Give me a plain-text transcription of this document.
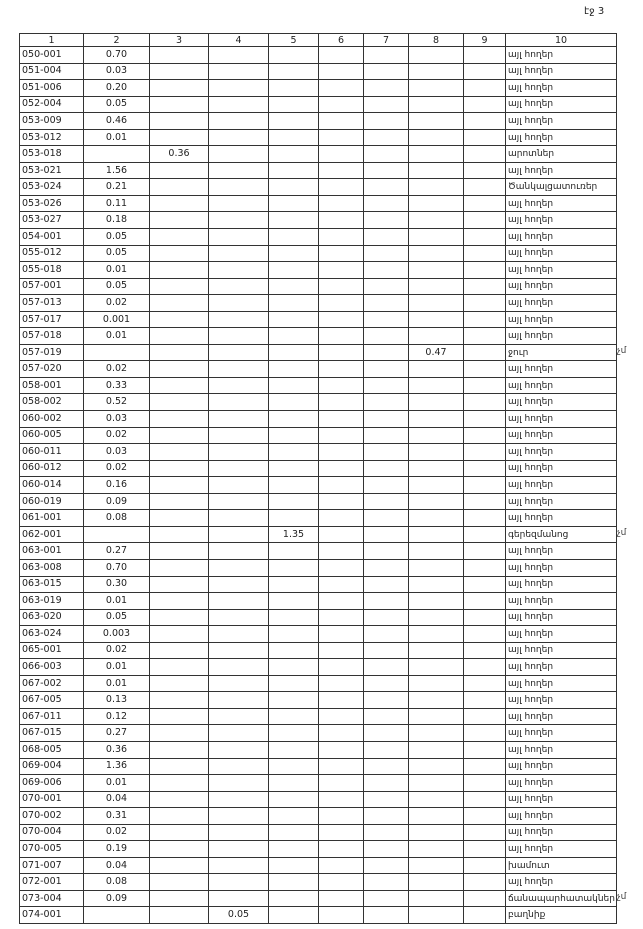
էջ 3
1	2	3	4	5	6	7	8	9	10
050-001	0.70								այլ հողեր
051-004	0.03								այլ հողեր
051-006	0.20								այլ հողեր
052-004	0.05								այլ հողեր
053-009	0.46								այլ հողեր
053-012	0.01								այլ հողեր
053-018		0.36							արոտներ
053-021	1.56								այլ հողեր
053-024	0.21								Ծանկալցատուռեր
053-026	0.11								այլ հողեր
053-027	0.18								այլ հողեր
054-001	0.05								այլ հողեր
055-012	0.05								այլ հողեր
055-018	0.01								այլ հողեր
057-001	0.05								այլ հողեր
057-013	0.02								այլ հողեր
057-017	0.001								այլ հողեր
057-018	0.01								այլ հողեր
057-019							0.47		ջուր
057-020	0.02								այլ հողեր
058-001	0.33								այլ հողեր
058-002	0.52								այլ հողեր
060-002	0.03								այլ հողեր
060-005	0.02								այլ հողեր
060-011	0.03								այլ հողեր
060-012	0.02								այլ հողեր
060-014	0.16								այլ հողեր
060-019	0.09								այլ հողեր
061-001	0.08								այլ հողեր
062-001				1.35					գերեզմանոց
063-001	0.27								այլ հողեր
063-008	0.70								այլ հողեր
063-015	0.30								այլ հողեր
063-019	0.01								այլ հողեր
063-020	0.05								այլ հողեր
063-024	0.003								այլ հողեր
065-001	0.02								այլ հողեր
066-003	0.01								այլ հողեր
067-002	0.01								այլ հողեր
067-005	0.13								այլ հողեր
067-011	0.12								այլ հողեր
067-015	0.27								այլ հողեր
068-005	0.36								այլ հողեր
069-004	1.36								այլ հողեր
069-006	0.01								այլ հողեր
070-001	0.04								այլ հողեր
070-002	0.31								այլ հողեր
070-004	0.02								այլ հողեր
070-005	0.19								այլ հողեր
071-007	0.04								խամուտ
072-001	0.08								այլ հողեր
073-004	0.09								ճանապարհատակներ
074-001			0.05						բաղնիք
չմ
չմ
չմ
